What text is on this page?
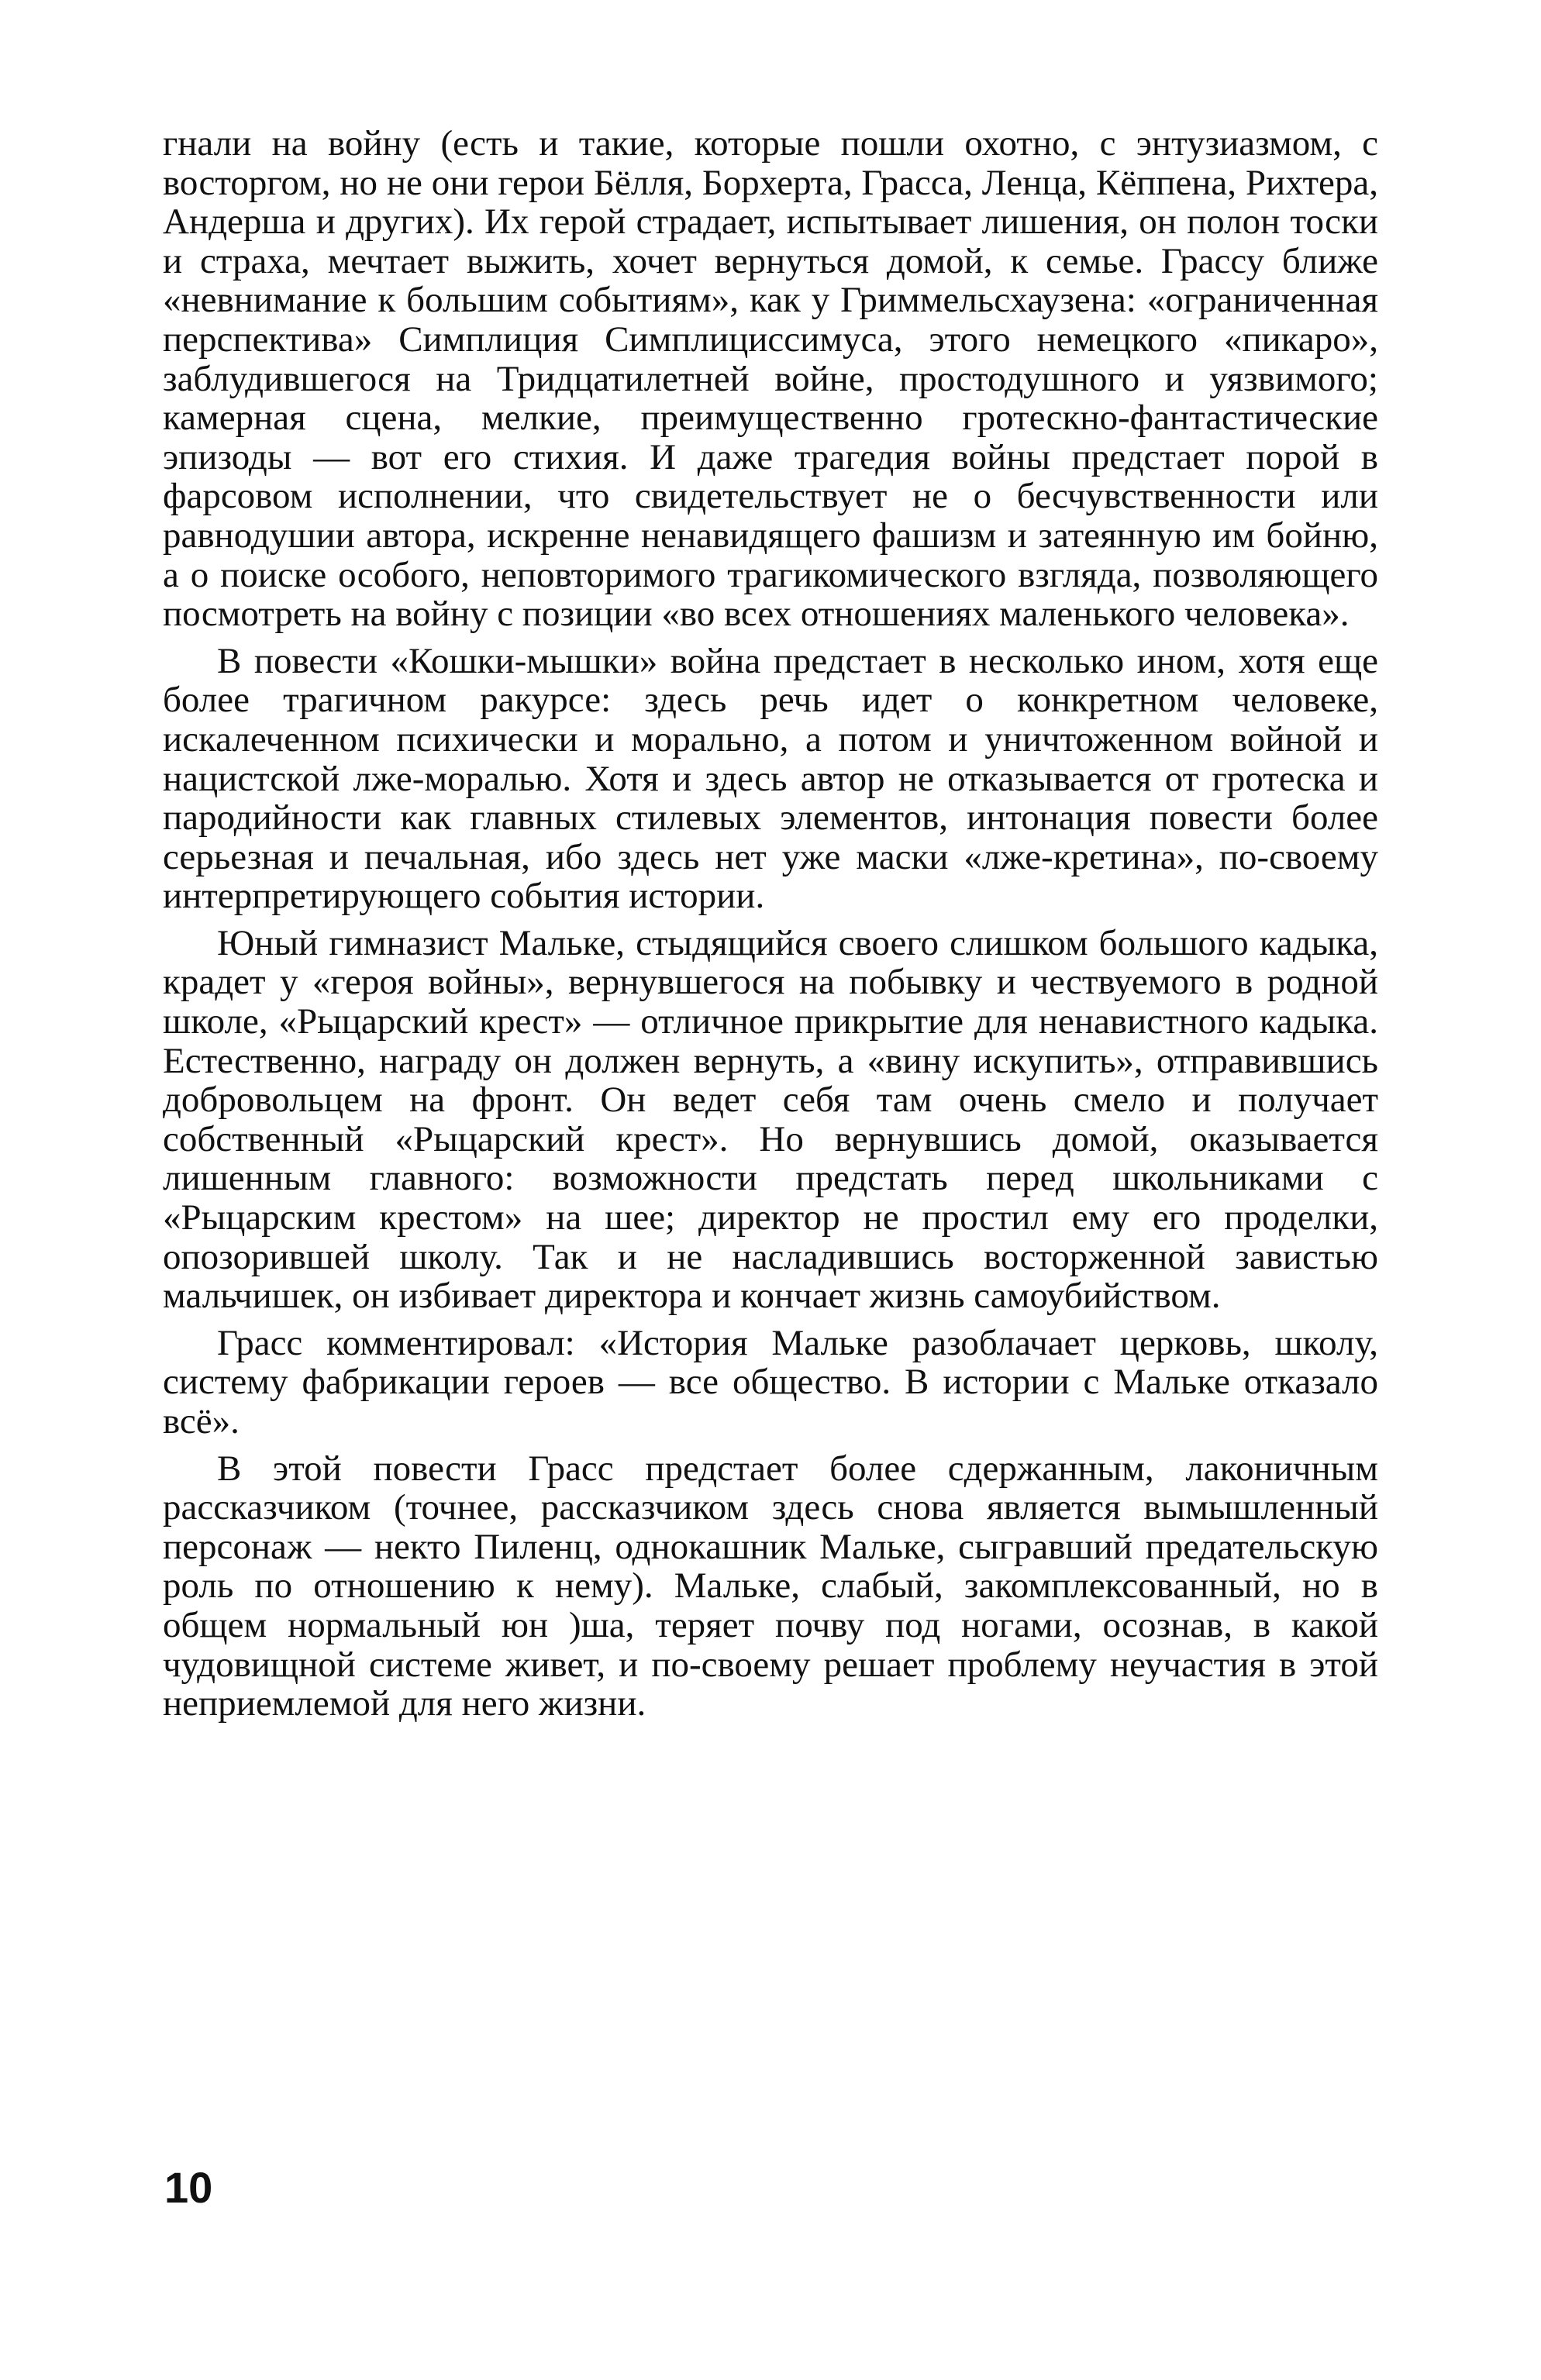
гнали на войну (есть и такие, которые пошли охотно, с энтузиазмом, с восторгом, но не они герои Бёлля, Борхерта, Грасса, Ленца, Кёппена, Рихтера, Андерша и других). Их герой страдает, испытывает лишения, он полон тоски и страха, мечтает выжить, хочет вернуться домой, к семье. Грассу ближе «невнимание к большим событиям», как у Гриммельсхаузена: «ограниченная перспектива» Симплиция Симплициссимуса, этого немецкого «пикаро», заблудившегося на Тридцатилетней войне, простодушного и уязвимого; камерная сцена, мелкие, преимущественно гротескно-фантастические эпизоды — вот его стихия. И даже трагедия войны предстает порой в фарсовом исполнении, что свидетельствует не о бесчувственности или равнодушии автора, искренне ненавидящего фашизм и затеянную им бойню, а о поиске особого, неповторимого трагикомического взгляда, позволяющего посмотреть на войну с позиции «во всех отношениях маленького человека».

В повести «Кошки-мышки» война предстает в несколько ином, хотя еще более трагичном ракурсе: здесь речь идет о конкретном человеке, искалеченном психически и морально, а потом и уничтоженном войной и нацистской лже-моралью. Хотя и здесь автор не отказывается от гротеска и пародийности как главных стилевых элементов, интонация повести более серьезная и печальная, ибо здесь нет уже маски «лже-кретина», по-своему интерпретирующего события истории.

Юный гимназист Мальке, стыдящийся своего слишком большого кадыка, крадет у «героя войны», вернувшегося на побывку и чествуемого в родной школе, «Рыцарский крест» — отличное прикрытие для ненавистного кадыка. Естественно, награду он должен вернуть, а «вину искупить», отправившись добровольцем на фронт. Он ведет себя там очень смело и получает собственный «Рыцарский крест». Но вернувшись домой, оказывается лишенным главного: возможности предстать перед школьниками с «Рыцарским крестом» на шее; директор не простил ему его проделки, опозорившей школу. Так и не насладившись восторженной завистью мальчишек, он избивает директора и кончает жизнь самоубийством.

Грасс комментировал: «История Мальке разоблачает церковь, школу, систему фабрикации героев — все общество. В истории с Мальке отказало всё».

В этой повести Грасс предстает более сдержанным, лаконичным рассказчиком (точнее, рассказчиком здесь снова является вымышленный персонаж — некто Пиленц, однокашник Мальке, сыгравший предательскую роль по отношению к нему). Мальке, слабый, закомплексованный, но в общем нормальный юн )ша, теряет почву под ногами, осознав, в какой чудовищной системе живет, и по-своему решает проблему неучастия в этой неприемлемой для него жизни.

10
